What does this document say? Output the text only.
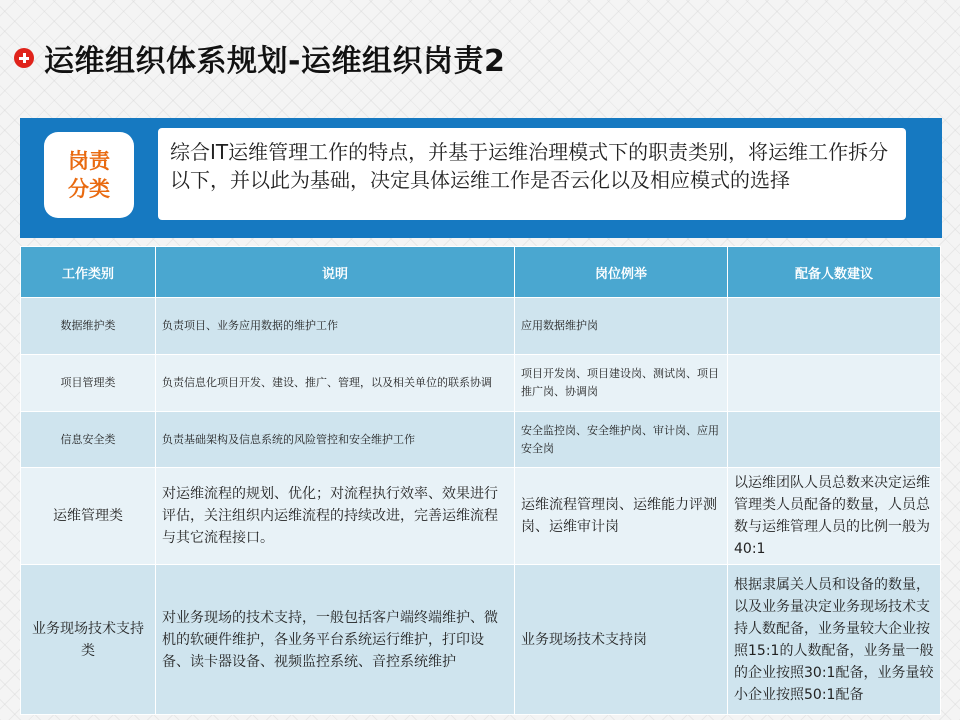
运维组织体系规划-运维组织岗责2
岗责
分类
综合IT运维管理工作的特点，并基于运维治理模式下的职责类别，将运维工作拆分以下，并以此为基础，决定具体运维工作是否云化以及相应模式的选择
工作类别	说明	岗位例举	配备人数建议
数据维护类	负责项目、业务应用数据的维护工作	应用数据维护岗	
项目管理类	负责信息化项目开发、建设、推广、管理，以及相关单位的联系协调	项目开发岗、项目建设岗、测试岗、项目推广岗、协调岗	
信息安全类	负责基础架构及信息系统的风险管控和安全维护工作	安全监控岗、安全维护岗、审计岗、应用安全岗	
运维管理类	对运维流程的规划、优化；对流程执行效率、效果进行评估，关注组织内运维流程的持续改进，完善运维流程与其它流程接口。	运维流程管理岗、运维能力评测岗、运维审计岗	以运维团队人员总数来决定运维管理类人员配备的数量，人员总数与运维管理人员的比例一般为40:1
业务现场技术支持类	对业务现场的技术支持，一般包括客户端终端维护、微机的软硬件维护，各业务平台系统运行维护，打印设备、读卡器设备、视频监控系统、音控系统维护	业务现场技术支持岗	根据隶属关人员和设备的数量，以及业务量决定业务现场技术支持人数配备，业务量较大企业按照15:1的人数配备，业务量一般的企业按照30:1配备，业务量较小企业按照50:1配备
